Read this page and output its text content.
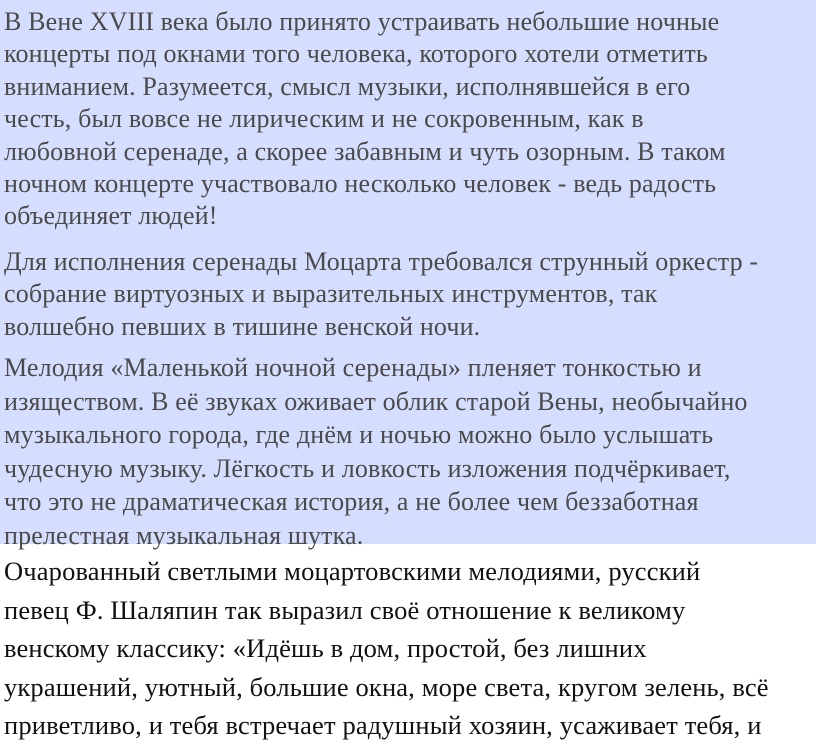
В Вене XVIII века было принято устраивать небольшие ночные
концерты под окнами того человека, которого хотели отметить
вниманием. Разумеется, смысл музыки, исполнявшейся в его
честь, был вовсе не лирическим и не сокровенным, как в
любовной серенаде, а скорее забавным и чуть озорным. В таком
ночном концерте участвовало несколько человек - ведь радость
объединяет людей!

Для исполнения серенады Моцарта требовался струнный оркестр -
собрание виртуозных и выразительных инструментов, так
волшебно певших в тишине венской ночи.

Мелодия «Маленькой ночной серенады» пленяет тонкостью и
изяществом. В её звуках оживает облик старой Вены, необычайно
музыкального города, где днём и ночью можно было услышать
чудесную музыку. Лёгкость и ловкость изложения подчёркивает,
что это не драматическая история, а не более чем беззаботная
прелестная музыкальная шутка.

Очарованный светлыми моцартовскими мелодиями, русский
певец Ф. Шаляпин так выразил своё отношение к великому
венскому классику: «Идёшь в дом, простой, без лишних
украшений, уютный, большие окна, море света, кругом зелень, всё
приветливо, и тебя встречает радушный хозяин, усаживает тебя, и
